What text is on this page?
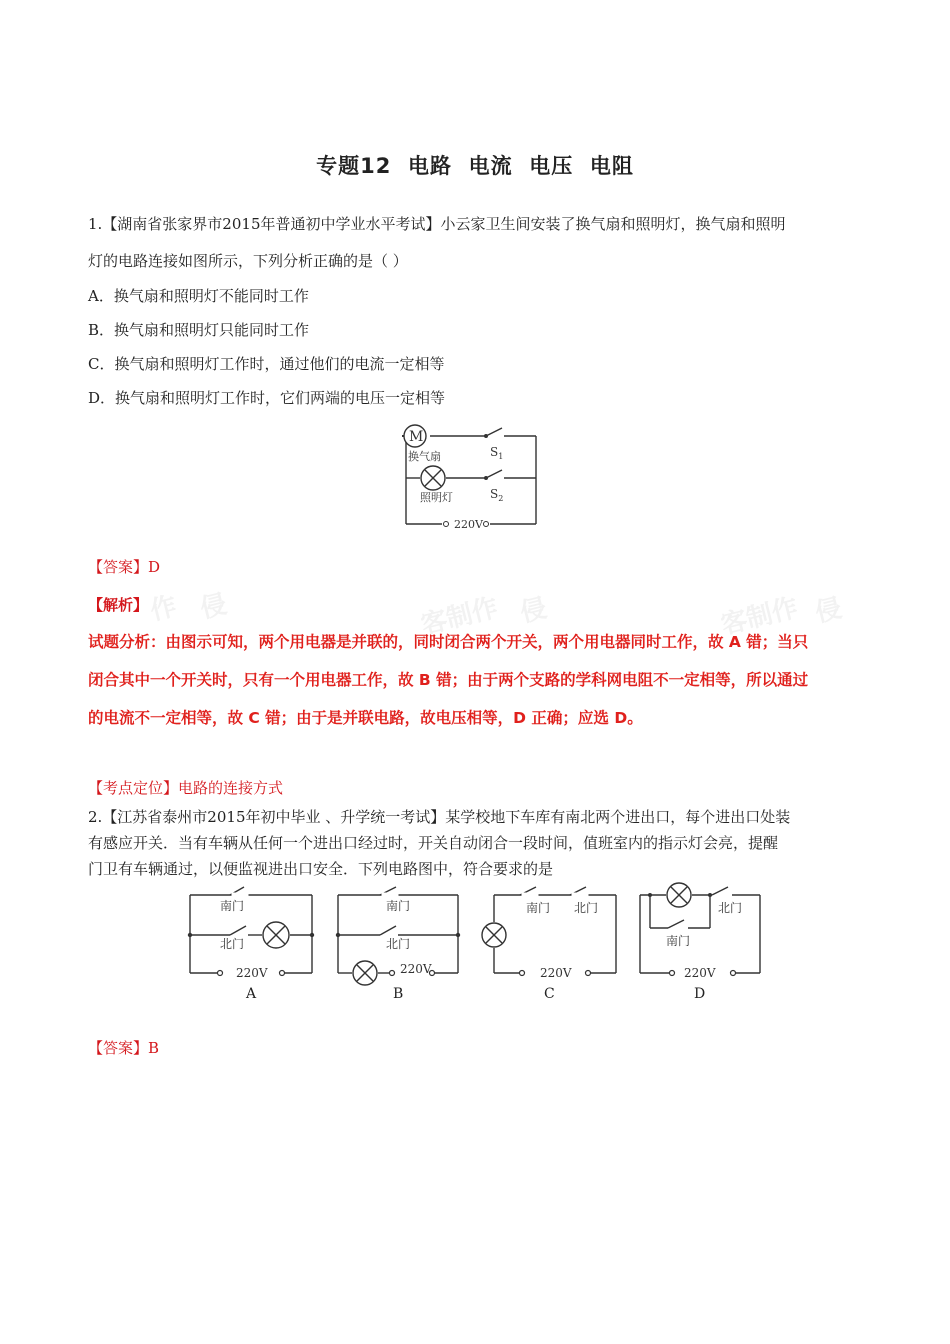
作 侵	客制作 侵	客制作 侵
专题12  电路  电流  电压  电阻
1.【湖南省张家界市2015年普通初中学业水平考试】小云家卫生间安装了换气扇和照明灯，换气扇和照明
灯的电路连接如图所示，下列分析正确的是（ ）
A．换气扇和照明灯不能同时工作
B．换气扇和照明灯只能同时工作
C．换气扇和照明灯工作时，通过他们的电流一定相等
D．换气扇和照明灯工作时，它们两端的电压一定相等
M
换气扇
照明灯
$S_1$
$S_2$
220V
【答案】D
【解析】
试题分析：由图示可知，两个用电器是并联的，同时闭合两个开关，两个用电器同时工作，故 A 错；当只
闭合其中一个开关时，只有一个用电器工作，故 B 错；由于两个支路的学科网电阻不一定相等，所以通过
的电流不一定相等，故 C 错；由于是并联电路，故电压相等，D 正确；应选 D。
【考点定位】电路的连接方式
2.【江苏省泰州市2015年初中毕业 、升学统一考试】某学校地下车库有南北两个进出口，每个进出口处装
有感应开关．当有车辆从任何一个进出口经过时，开关自动闭合一段时间，值班室内的指示灯会亮，提醒
门卫有车辆通过，以便监视进出口安全．下列电路图中，符合要求的是
南门
北门
220V
南门
北门
220V
南门 北门
220V
北门
南门
220V
A	B	C	D
【答案】B
